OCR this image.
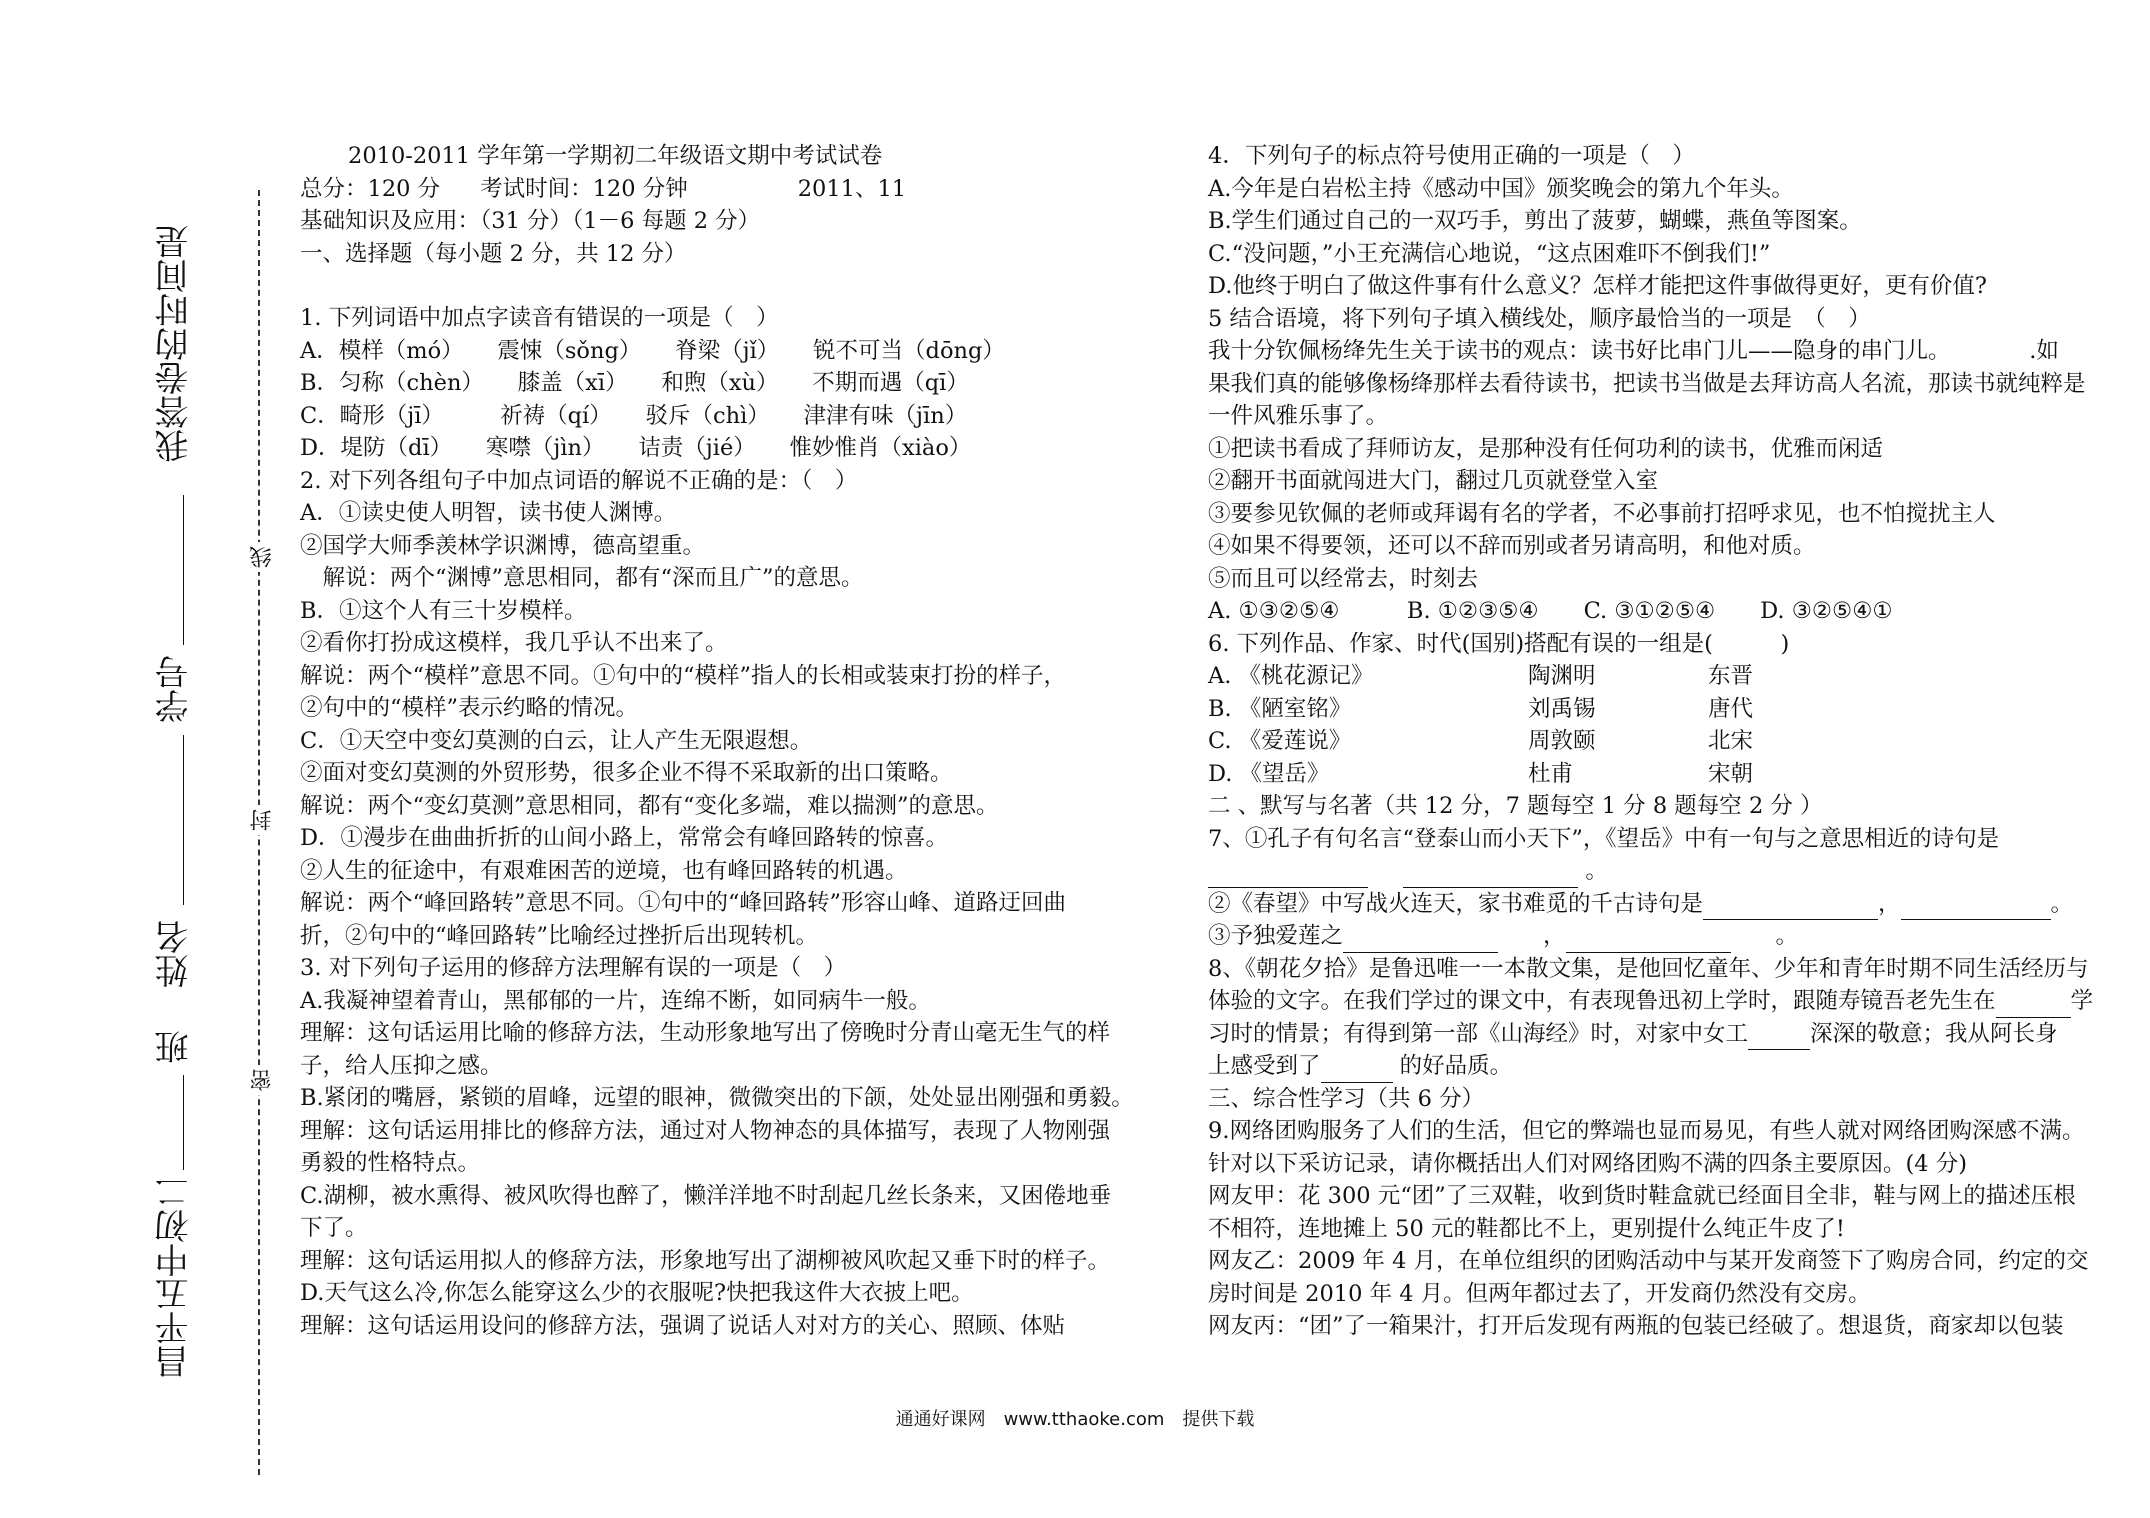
昌平五中初二
班
姓名
学号
我答卷的时间是
线
封
密

2010-2011 学年第一学期初二年级语文期中考试试卷

总分：120 分 考试时间：120 分钟	2011、11

基础知识及应用：（31 分）（1－6 每题 2 分）

一、选择题（每小题 2 分，共 12 分）

1. 下列词语中加点字读音有错误的一项是（　）

A．模样（mó）　　震悚（sǒng）　　脊梁（jǐ）　　锐不可当（dōng）

B．匀称（chèn）　　膝盖（xī）　　和煦（xù）　　不期而遇（qī）

C．畸形（jī）　　　祈祷（qí）　　驳斥（chì）　　津津有味（jīn）

D．堤防（dī）　　寒噤（jìn）　　诘责（jié）　　惟妙惟肖（xiào）

2. 对下列各组句子中加点词语的解说不正确的是：（　）

A．①读史使人明智，读书使人渊博。

②国学大师季羡林学识渊博，德高望重。

　解说：两个“渊博”意思相同，都有“深而且广”的意思。

B．①这个人有三十岁模样。

②看你打扮成这模样，我几乎认不出来了。

解说：两个“模样”意思不同。①句中的“模样”指人的长相或装束打扮的样子，

②句中的“模样”表示约略的情况。

C．①天空中变幻莫测的白云，让人产生无限遐想。

②面对变幻莫测的外贸形势，很多企业不得不采取新的出口策略。

解说：两个“变幻莫测”意思相同，都有“变化多端，难以揣测”的意思。

D．①漫步在曲曲折折的山间小路上，常常会有峰回路转的惊喜。

②人生的征途中，有艰难困苦的逆境，也有峰回路转的机遇。

解说：两个“峰回路转”意思不同。①句中的“峰回路转”形容山峰、道路迂回曲

折，②句中的“峰回路转”比喻经过挫折后出现转机。

3. 对下列句子运用的修辞方法理解有误的一项是（　）

A.我凝神望着青山，黑郁郁的一片，连绵不断，如同病牛一般。

理解：这句话运用比喻的修辞方法，生动形象地写出了傍晚时分青山毫无生气的样

子，给人压抑之感。

B.紧闭的嘴唇，紧锁的眉峰，远望的眼神，微微突出的下颌，处处显出刚强和勇毅。

理解：这句话运用排比的修辞方法，通过对人物神态的具体描写，表现了人物刚强

勇毅的性格特点。

C.湖柳，被水熏得、被风吹得也醉了，懒洋洋地不时刮起几丝长条来，又困倦地垂

下了。

理解：这句话运用拟人的修辞方法，形象地写出了湖柳被风吹起又垂下时的样子。

D.天气这么冷,你怎么能穿这么少的衣服呢?快把我这件大衣披上吧。

理解：这句话运用设问的修辞方法，强调了说话人对对方的关心、照顾、体贴

4．下列句子的标点符号使用正确的一项是（　）

A.今年是白岩松主持《感动中国》颁奖晚会的第九个年头。

B.学生们通过自己的一双巧手，剪出了菠萝，蝴蝶，燕鱼等图案。

C.“没问题，”小王充满信心地说，“这点困难吓不倒我们!”

D.他终于明白了做这件事有什么意义？怎样才能把这件事做得更好，更有价值?

5 结合语境，将下列句子填入横线处，顺序最恰当的一项是　（　）

我十分钦佩杨绛先生关于读书的观点：读书好比串门儿——隐身的串门儿。　　　　.如

果我们真的能够像杨绛那样去看待读书，把读书当做是去拜访高人名流，那读书就纯粹是

一件风雅乐事了。

①把读书看成了拜师访友，是那种没有任何功利的读书，优雅而闲适

②翻开书面就闯进大门，翻过几页就登堂入室

③要参见钦佩的老师或拜谒有名的学者，不必事前打招呼求见，也不怕搅扰主人

④如果不得要领，还可以不辞而别或者另请高明，和他对质。

⑤而且可以经常去，时刻去

A. ①③②⑤④　　　B. ①②③⑤④　　C. ③①②⑤④　　D. ③②⑤④①

6. 下列作品、作家、时代(国别)搭配有误的一组是(　　　)

A. 《桃花源记》	陶渊明	东晋

B. 《陋室铭》	刘禹锡	唐代

C. 《爱莲说》	周敦颐	北宋

D. 《望岳》	杜甫	宋朝

二 、默写与名著（共 12 分，7 题每空 1 分 8 题每空 2 分 ）

7、①孔子有句名言“登泰山而小天下”，《望岳》中有一句与之意思相近的诗句是

。

②《春望》中写战火连天，家书难觅的千古诗句是	，	。

③予独爱莲之	　　，　　	。

8、《朝花夕拾》是鲁迅唯一一本散文集，是他回忆童年、少年和青年时期不同生活经历与

体验的文字。在我们学过的课文中，有表现鲁迅初上学时，跟随寿镜吾老先生在	学

习时的情景；有得到第一部《山海经》时，对家中女工	深深的敬意；我从阿长身

上感受到了	的好品质。

三、综合性学习（共 6 分）

9.网络团购服务了人们的生活，但它的弊端也显而易见，有些人就对网络团购深感不满。

针对以下采访记录，请你概括出人们对网络团购不满的四条主要原因。(4 分)

网友甲：花 300 元“团”了三双鞋，收到货时鞋盒就已经面目全非，鞋与网上的描述压根

不相符，连地摊上 50 元的鞋都比不上，更别提什么纯正牛皮了!

网友乙：2009 年 4 月，在单位组织的团购活动中与某开发商签下了购房合同，约定的交

房时间是 2010 年 4 月。但两年都过去了，开发商仍然没有交房。

网友丙：“团”了一箱果汁，打开后发现有两瓶的包装已经破了。想退货，商家却以包装

通通好课网　www.tthaoke.com　提供下载
